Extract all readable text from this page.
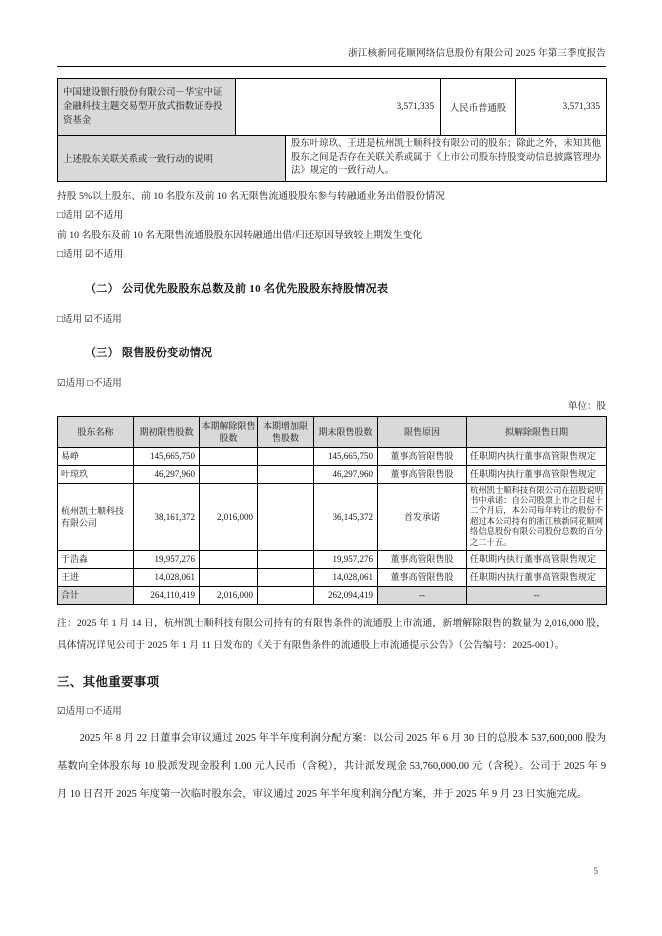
浙江核新同花顺网络信息股份有限公司 2025 年第三季度报告
中国建设银行股份有限公司－华宝中证金融科技主题交易型开放式指数证券投资基金	3,571,335	人民币普通股	3,571,335
上述股东关联关系或一致行动的说明	股东叶琼玖、王进是杭州凯士顺科技有限公司的股东；除此之外，未知其他股东之间是否存在关联关系或属于《上市公司股东持股变动信息披露管理办法》规定的一致行动人。
持股 5%以上股东、前 10 名股东及前 10 名无限售流通股股东参与转融通业务出借股份情况
□适用 ☑不适用
前 10 名股东及前 10 名无限售流通股股东因转融通出借/归还原因导致较上期发生变化
□适用 ☑不适用
（二） 公司优先股股东总数及前 10 名优先股股东持股情况表
□适用 ☑不适用
（三） 限售股份变动情况
☑适用 □不适用
单位：股
股东名称	期初限售股数	本期解除限售股数	本期增加限售股数	期末限售股数	限售原因	拟解除限售日期
易峥	145,665,750			145,665,750	董事高管限售股	任职期内执行董事高管限售规定
叶琼玖	46,297,960			46,297,960	董事高管限售股	任职期内执行董事高管限售规定
杭州凯士顺科技有限公司	38,161,372	2,016,000		36,145,372	首发承诺	杭州凯士顺科技有限公司在招股说明书中承诺：自公司股票上市之日起十二个月后，本公司每年转让的股份不超过本公司持有的浙江核新同花顺网络信息股份有限公司股份总数的百分之二十五。
于浩淼	19,957,276			19,957,276	董事高管限售股	任职期内执行董事高管限售规定
王进	14,028,061			14,028,061	董事高管限售股	任职期内执行董事高管限售规定
合计	264,110,419	2,016,000		262,094,419	--	--
注：2025 年 1 月 14 日，杭州凯士顺科技有限公司持有的有限售条件的流通股上市流通，新增解除限售的数量为 2,016,000 股，具体情况详见公司于 2025 年 1 月 11 日发布的《关于有限售条件的流通股上市流通提示公告》（公告编号：2025-001）。
三、其他重要事项
☑适用 □不适用
2025 年 8 月 22 日董事会审议通过 2025 年半年度利润分配方案：以公司 2025 年 6 月 30 日的总股本 537,600,000 股为基数向全体股东每 10 股派发现金股利 1.00 元人民币（含税），共计派发现金 53,760,000.00 元（含税）。公司于 2025 年 9 月 10 日召开 2025 年度第一次临时股东会，审议通过 2025 年半年度利润分配方案，并于 2025 年 9 月 23 日实施完成。
5
